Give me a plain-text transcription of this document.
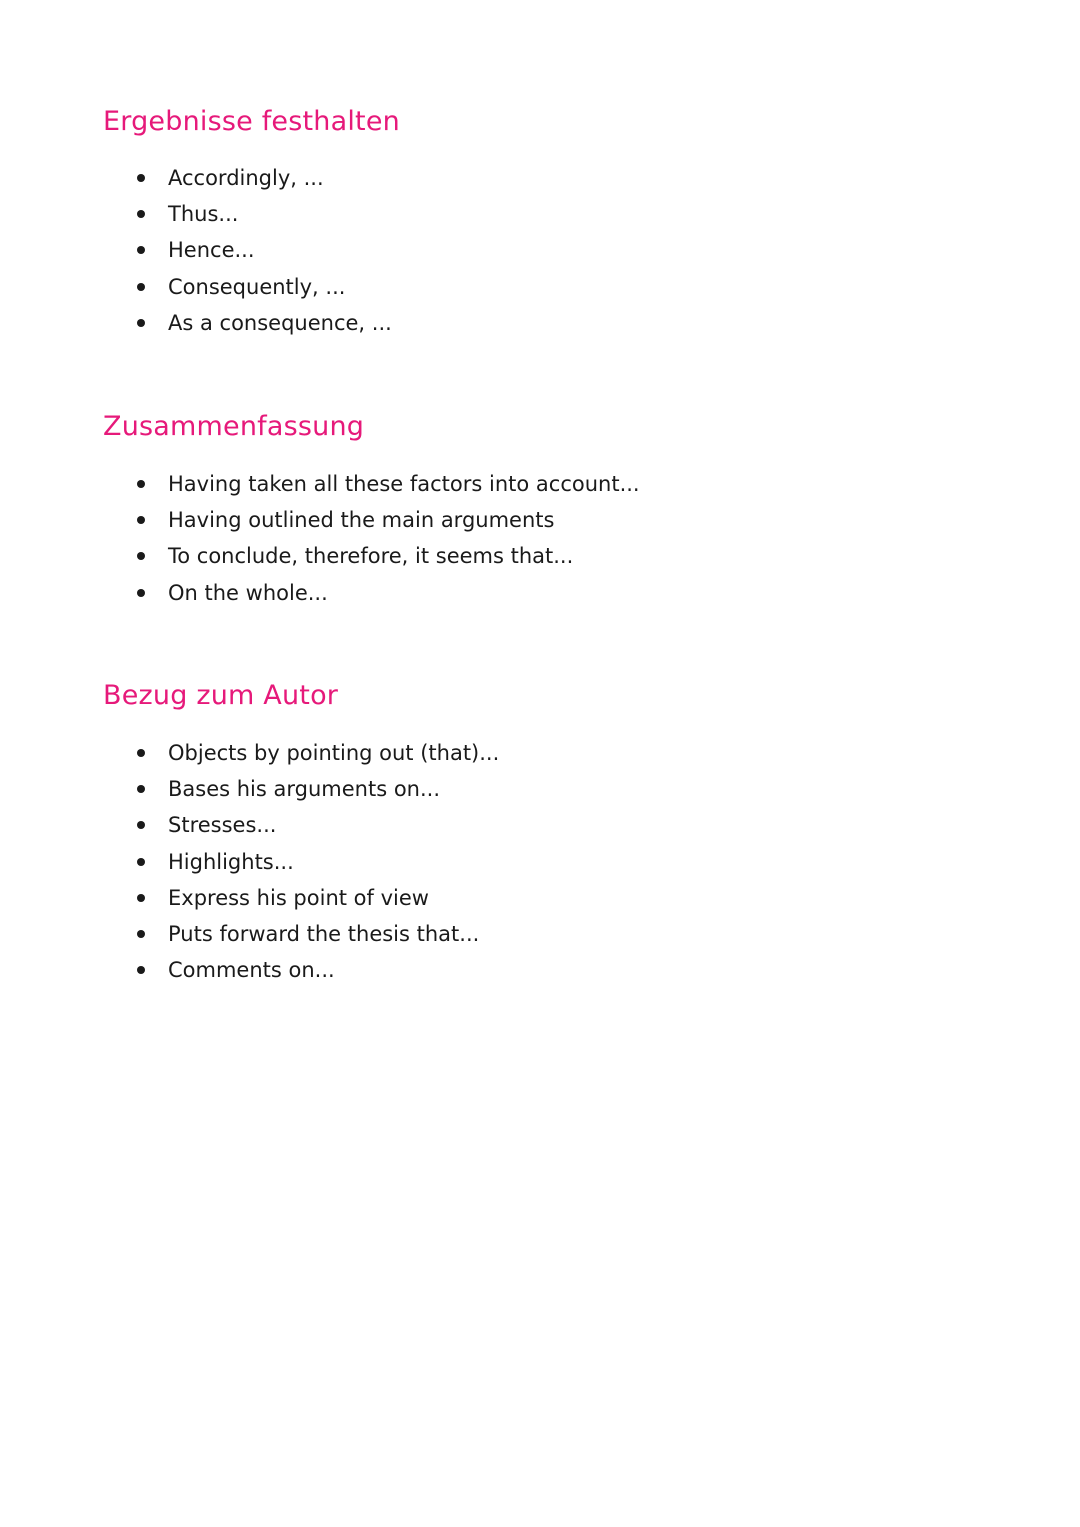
Ergebnisse festhalten
Accordingly, ...
Thus...
Hence...
Consequently, ...
As a consequence, ...
Zusammenfassung
Having taken all these factors into account...
Having outlined the main arguments
To conclude, therefore, it seems that...
On the whole...
Bezug zum Autor
Objects by pointing out (that)...
Bases his arguments on...
Stresses...
Highlights...
Express his point of view
Puts forward the thesis that...
Comments on...
